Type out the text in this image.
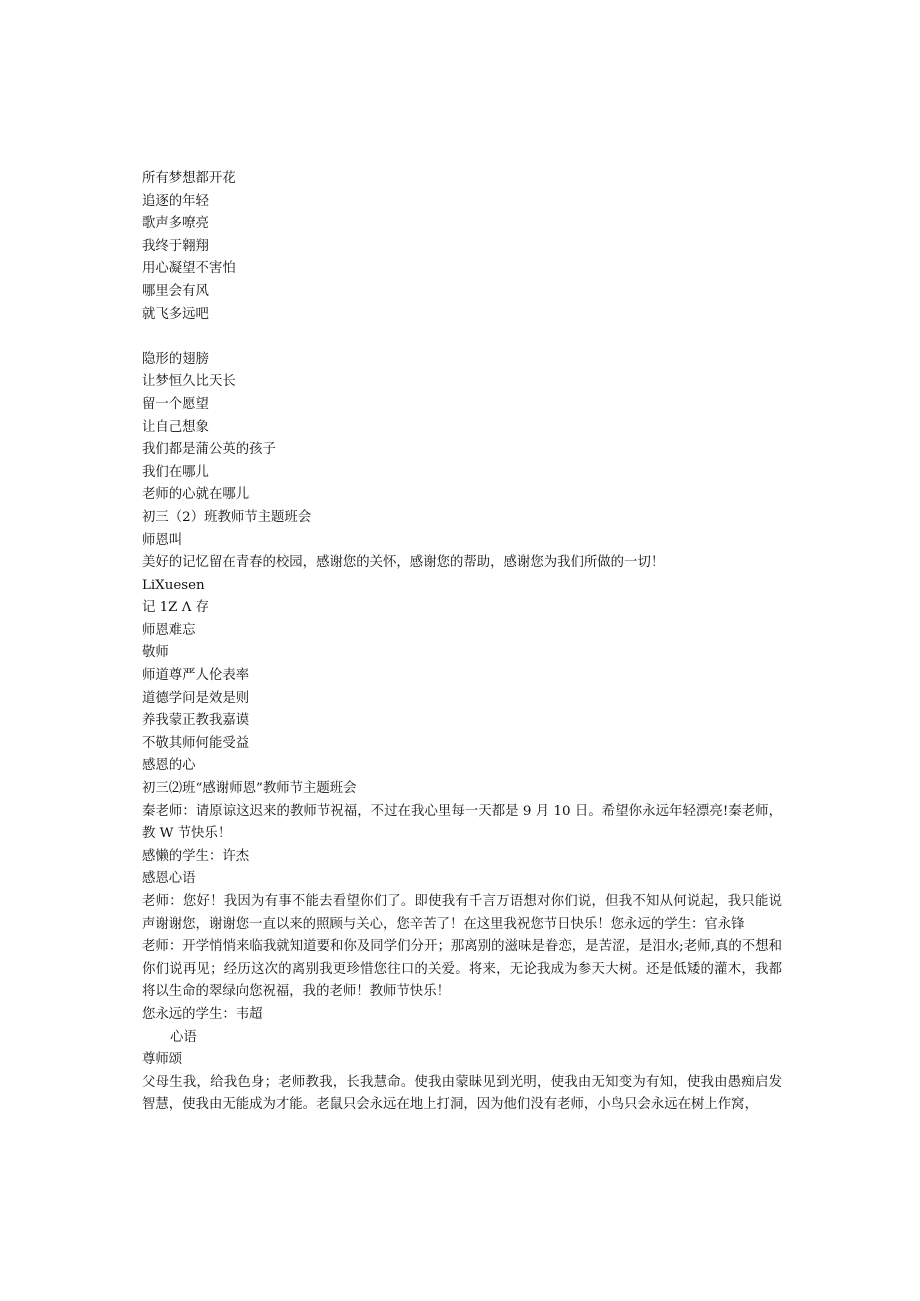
所有梦想都开花
追逐的年轻
歌声多嘹亮
我终于翱翔
用心凝望不害怕
哪里会有风
就飞多远吧
隐形的翅膀
让梦恒久比天长
留一个愿望
让自己想象
我们都是蒲公英的孩子
我们在哪儿
老师的心就在哪儿
初三（2）班教师节主题班会
师恩叫
美好的记忆留在青春的校园，感谢您的关怀，感谢您的帮助，感谢您为我们所做的一切！
LiXuesen
记 1Z Λ 存
师恩难忘
敬师
师道尊严人伦表率
道德学问是效是则
养我蒙正教我嘉谟
不敬其师何能受益
感恩的心
初三⑵班“感谢师恩”教师节主题班会
秦老师：请原谅这迟来的教师节祝福，不过在我心里每一天都是 9 月 10 日。希望你永远年轻漂亮!秦老师，教 W 节快乐！
感懒的学生：许杰
感恩心语
老师：您好！我因为有事不能去看望你们了。即使我有千言万语想对你们说，但我不知从何说起，我只能说声谢谢您，谢谢您一直以来的照顾与关心，您辛苦了！在这里我祝您节日快乐！您永远的学生：官永锋
老师：开学悄悄来临我就知道要和你及同学们分开；那离别的滋味是眷恋，是苦涩，是泪水;老师,真的不想和你们说再见；经历这次的离别我更珍惜您往口的关爱。将来，无论我成为参天大树。还是低矮的灌木，我都将以生命的翠绿向您祝福，我的老师！教师节快乐！
您永远的学生：韦超
心语
尊师颂
父母生我，给我色身；老师教我，长我慧命。使我由蒙昧见到光明，使我由无知变为有知，使我由愚痴启发智慧，使我由无能成为才能。老鼠只会永远在地上打洞，因为他们没有老师，小鸟只会永远在树上作窝，
